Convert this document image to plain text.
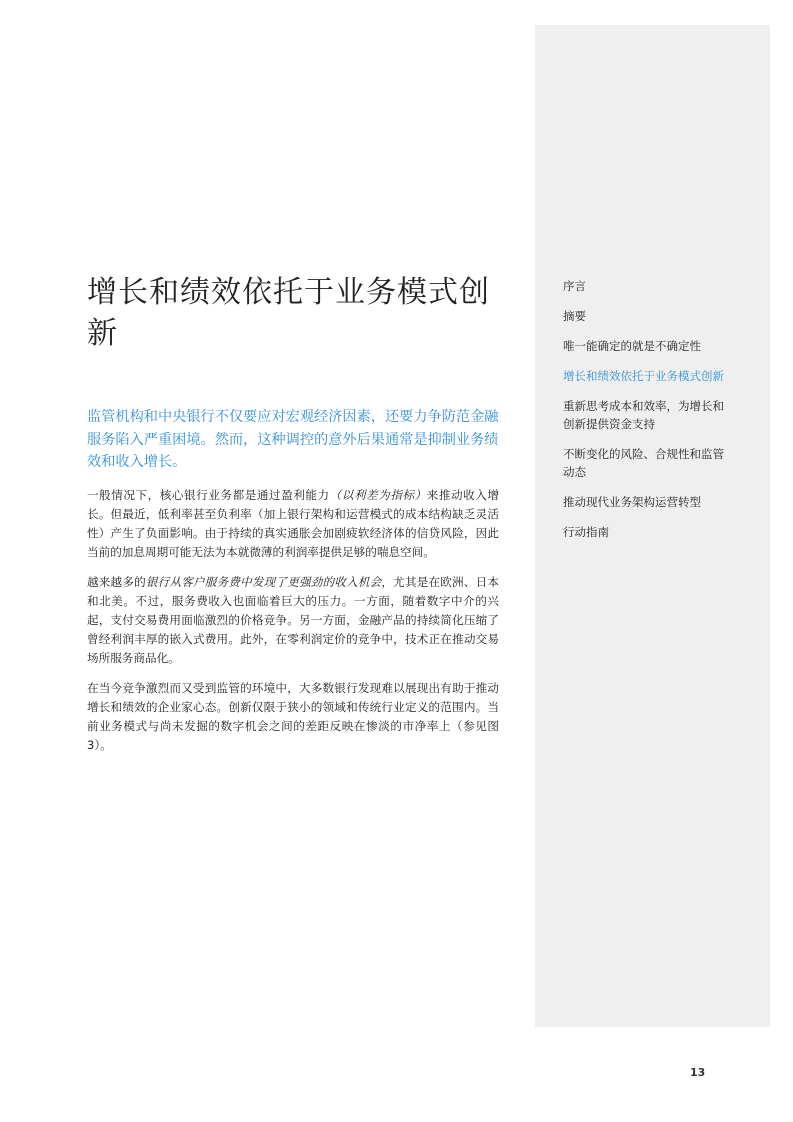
序言
摘要
唯一能确定的就是不确定性
增长和绩效依托于业务模式创新
重新思考成本和效率，为增长和创新提供资金支持
不断变化的风险、合规性和监管动态
推动现代业务架构运营转型
行动指南
增长和绩效依托于业务模式创新

监管机构和中央银行不仅要应对宏观经济因素，还要力争防范金融服务陷入严重困境。然而，这种调控的意外后果通常是抑制业务绩效和收入增长。

一般情况下，核心银行业务都是通过盈利能力（以利差为指标）来推动收入增长。但最近，低利率甚至负利率（加上银行架构和运营模式的成本结构缺乏灵活性）产生了负面影响。由于持续的真实通胀会加剧疲软经济体的信贷风险，因此当前的加息周期可能无法为本就微薄的利润率提供足够的喘息空间。

越来越多的银行从客户服务费中发现了更强劲的收入机会，尤其是在欧洲、日本和北美。不过，服务费收入也面临着巨大的压力。一方面，随着数字中介的兴起，支付交易费用面临激烈的价格竞争。另一方面，金融产品的持续简化压缩了曾经利润丰厚的嵌入式费用。此外，在零利润定价的竞争中，技术正在推动交易场所服务商品化。

在当今竞争激烈而又受到监管的环境中，大多数银行发现难以展现出有助于推动增长和绩效的企业家心态。创新仅限于狭小的领域和传统行业定义的范围内。当前业务模式与尚未发掘的数字机会之间的差距反映在惨淡的市净率上（参见图 3）。

13
